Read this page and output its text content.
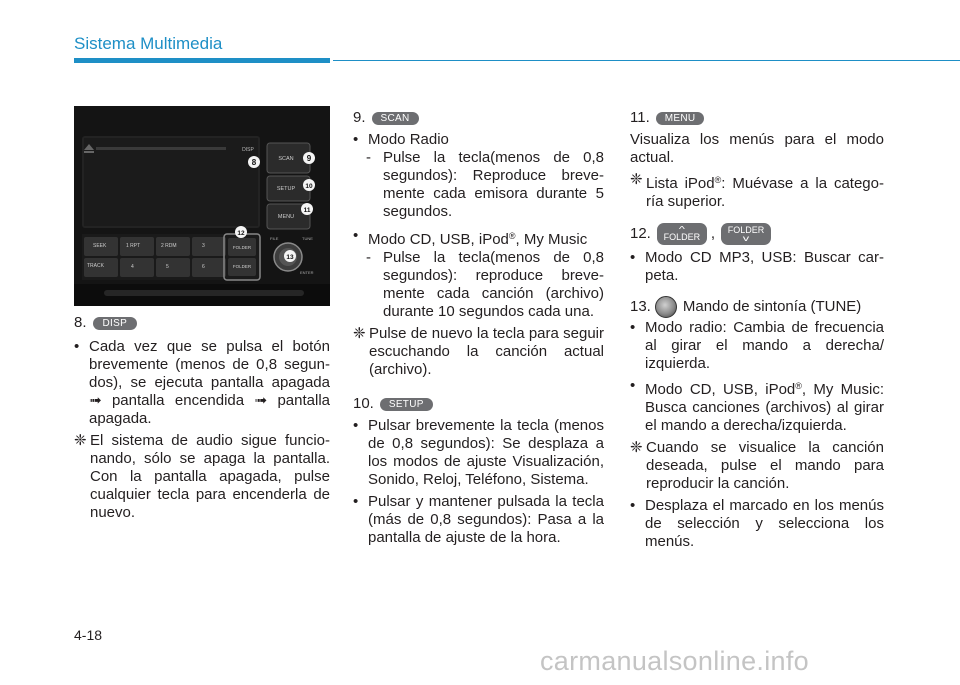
Sistema Multimedia
DISP
SCAN
SETUP
MENU
SEEK	1 RPT	2 RDM	3
TRACK	4	5	6
FOLDER
FOLDER
FILE	TUNE
ENTER
8	9
10
11
12
13
8.	DISP

• Cada vez que se pulsa el botón brevemente (menos de 0,8 segun-dos), se ejecuta pantalla apagada ➟ pantalla encendida ➟ pantalla apagada.

❈ El sistema de audio sigue funcio-nando, sólo se apaga la pantalla. Con la pantalla apagada, pulse cualquier tecla para encenderla de nuevo.

9.	SCAN

• Modo Radio

- Pulse la tecla(menos de 0,8 segundos): Reproduce breve-mente cada emisora durante 5 segundos.

• Modo CD, USB, iPod®, My Music

- Pulse la tecla(menos de 0,8 segundos): reproduce breve-mente cada canción (archivo) durante 10 segundos cada una.

❈ Pulse de nuevo la tecla para seguir escuchando la canción actual (archivo).

10.	SETUP

• Pulsar brevemente la tecla (menos de 0,8 segundos): Se desplaza a los modos de ajuste Visualización, Sonido, Reloj, Teléfono, Sistema.

• Pulsar y mantener pulsada la tecla (más de 0,8 segundos): Pasa a la pantalla de ajuste de la hora.

11.	MENU

Visualiza los menús para el modo actual.

❈ Lista iPod®: Muévase a la catego-ría superior.

12.	^
FOLDER , FOLDER
v

• Modo CD MP3, USB: Buscar car-peta.

13. Mando de sintonía (TUNE)

• Modo radio: Cambia de frecuencia al girar el mando a derecha/ izquierda.

• Modo CD, USB, iPod®, My Music: Busca canciones (archivos) al girar el mando a derecha/izquierda.

❈ Cuando se visualice la canción deseada, pulse el mando para reproducir la canción.

• Desplaza el marcado en los menús de selección y selecciona los menús.

4-18
carmanualsonline.info
